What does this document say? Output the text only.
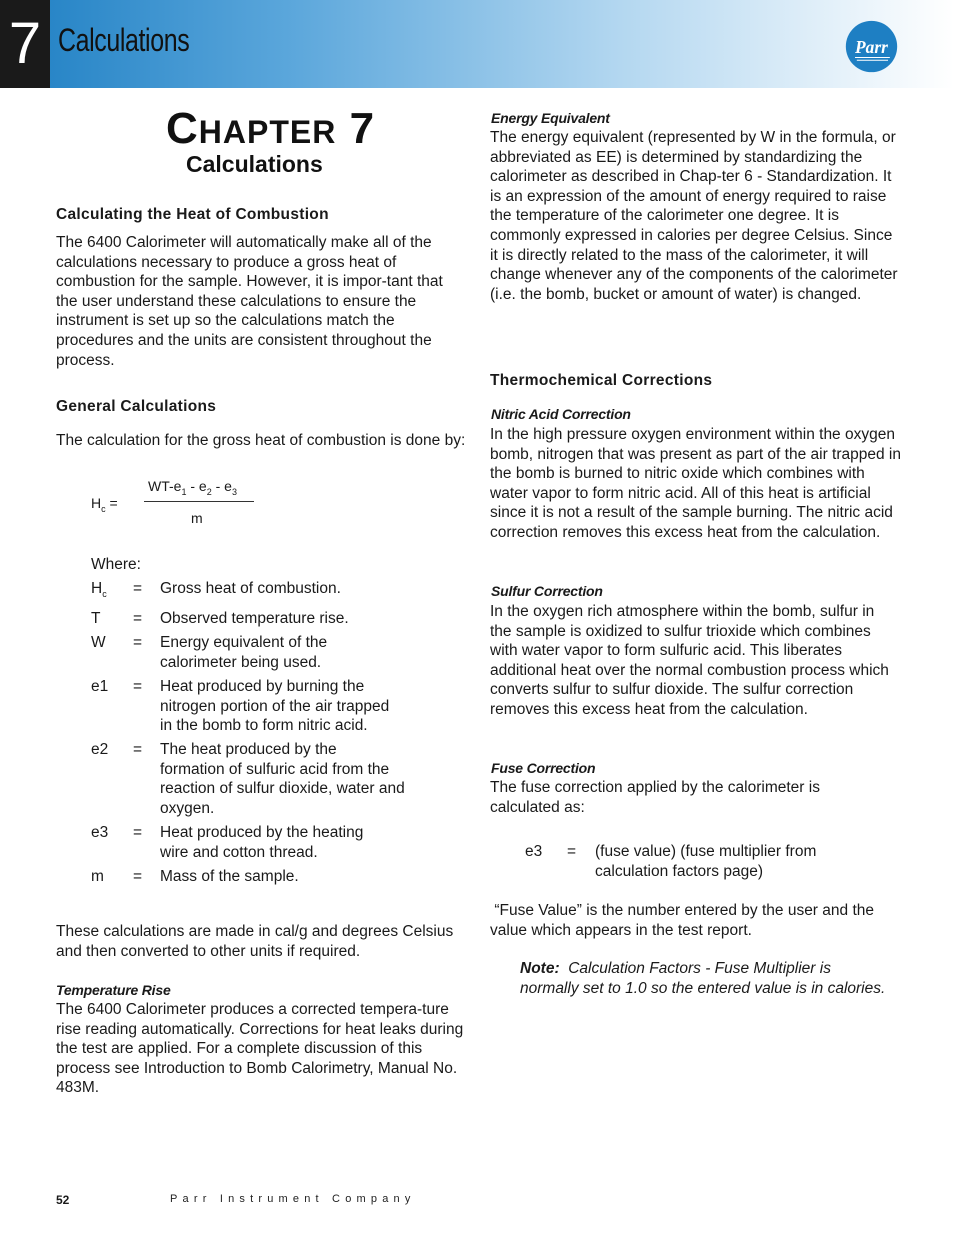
7 Calculations	Parr
CHAPTER 7
Calculations
Calculating the Heat of Combustion
The 6400 Calorimeter will automatically make all of the calculations necessary to produce a gross heat of combustion for the sample. However, it is impor-tant that the user understand these calculations to ensure the instrument is set up so the calculations match the procedures and the units are consistent throughout the process.
General Calculations
The calculation for the gross heat of combustion is done by:
$H_c$ =
$WT-e_1 - e_2 - e_3$
m
Where:
$H_c$	=	Gross heat of combustion.
T	=	Observed temperature rise.
W	=	Energy equivalent of the calorimeter being used.
e1	=	Heat produced by burning the nitrogen portion of the air trapped in the bomb to form nitric acid.
e2	=	The heat produced by the formation of sulfuric acid from the reaction of sulfur dioxide, water and oxygen.
e3	=	Heat produced by the heating wire and cotton thread.
m	=	Mass of the sample.
These calculations are made in cal/g and degrees Celsius and then converted to other units if required.
Temperature Rise
The 6400 Calorimeter produces a corrected tempera-ture rise reading automatically. Corrections for heat leaks during the test are applied. For a complete discussion of this process see Introduction to Bomb Calorimetry, Manual No. 483M.
Energy Equivalent
The energy equivalent (represented by W in the formula, or abbreviated as EE) is determined by standardizing the calorimeter as described in Chap-ter 6 - Standardization. It is an expression of the amount of energy required to raise the temperature of the calorimeter one degree. It is commonly expressed in calories per degree Celsius. Since it is directly related to the mass of the calorimeter, it will change whenever any of the components of the calorimeter (i.e. the bomb, bucket or amount of water) is changed.
Thermochemical Corrections
Nitric Acid Correction
In the high pressure oxygen environment within the oxygen bomb, nitrogen that was present as part of the air trapped in the bomb is burned to nitric oxide which combines with water vapor to form nitric acid. All of this heat is artificial since it is not a result of the sample burning. The nitric acid correction removes this excess heat from the calculation.
Sulfur Correction
In the oxygen rich atmosphere within the bomb, sulfur in the sample is oxidized to sulfur trioxide which combines with water vapor to form sulfuric acid. This liberates additional heat over the normal combustion process which converts sulfur to sulfur dioxide. The sulfur correction removes this excess heat from the calculation.
Fuse Correction
The fuse correction applied by the calorimeter is calculated as:
e3	=	(fuse value) (fuse multiplier from calculation factors page)
“Fuse Value” is the number entered by the user and the value which appears in the test report.
Note:  Calculation Factors - Fuse Multiplier is normally set to 1.0 so the entered value is in calories.
52	Parr Instrument Company
